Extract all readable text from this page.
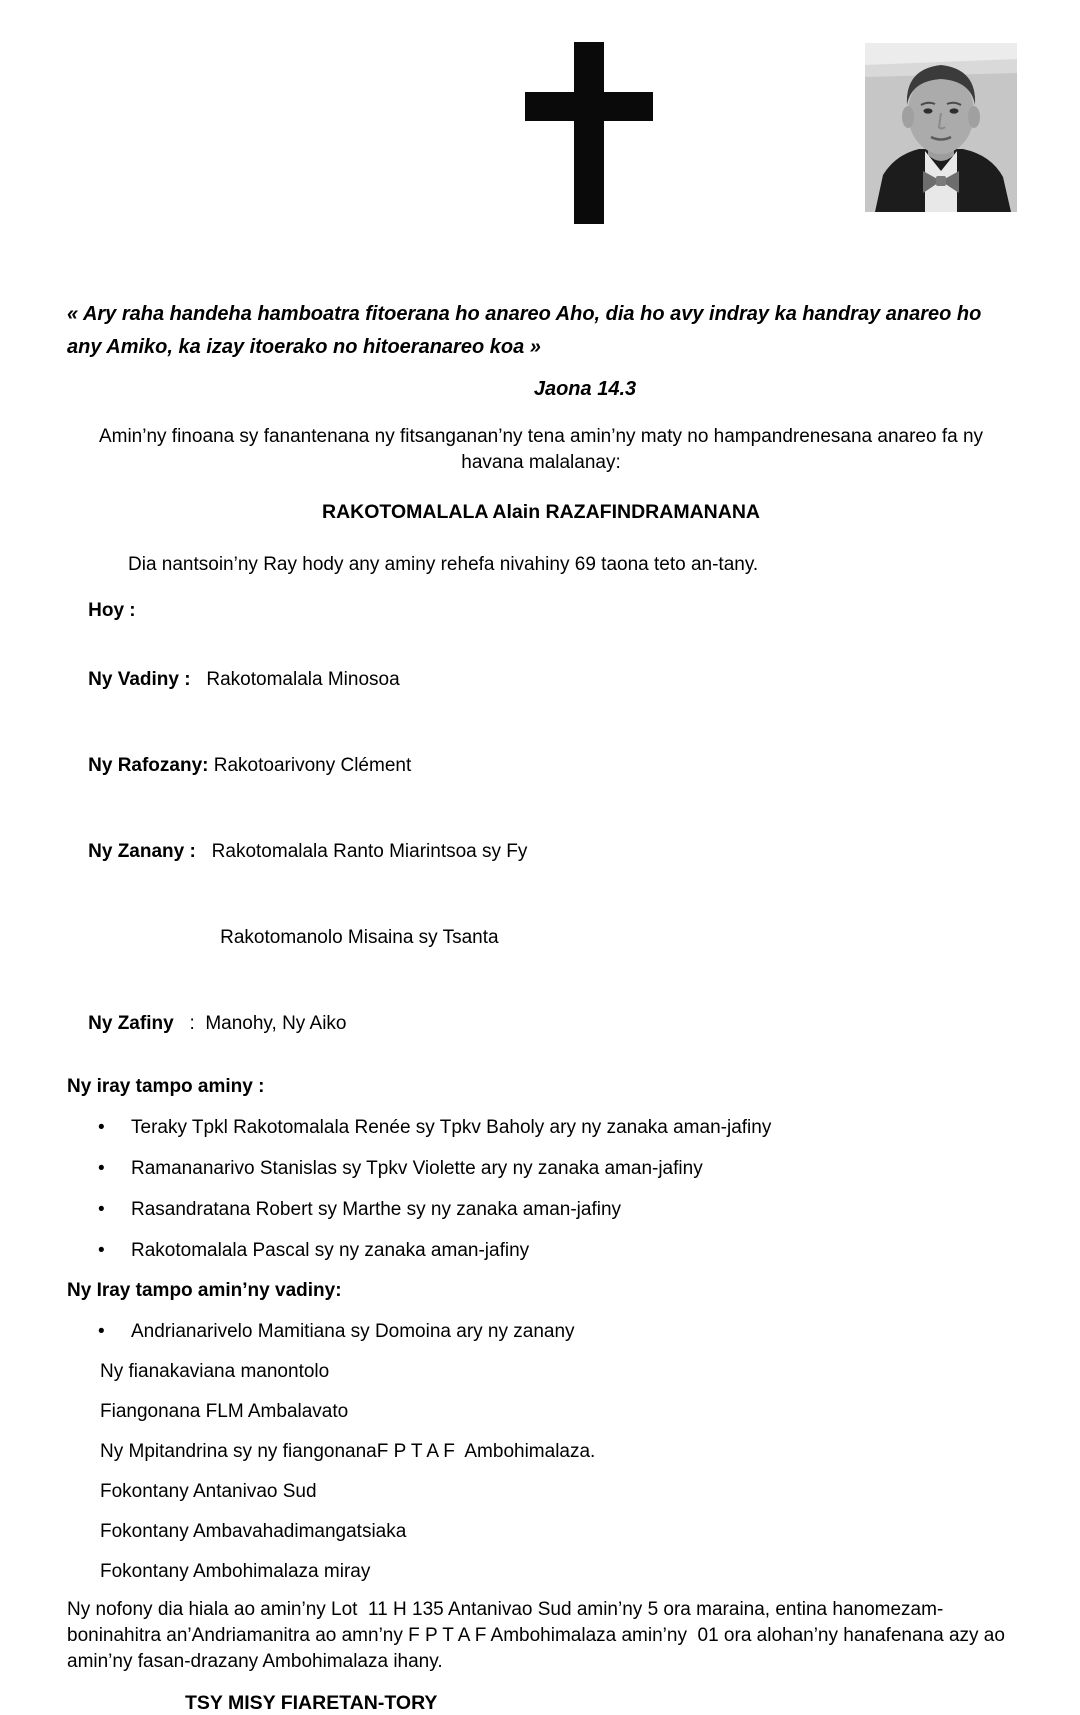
« Ary raha handeha hamboatra fitoerana ho anareo Aho, dia ho avy indray ka handray anareo ho any Amiko, ka izay itoerako no hitoeranareo koa »

Jaona 14.3

Amin’ny finoana sy fanantenana ny fitsanganan’ny tena amin’ny maty no hampandrenesana anareo fa ny havana malalanay:

RAKOTOMALALA Alain RAZAFINDRAMANANA

Dia nantsoin’ny Ray hody any aminy rehefa nivahiny 69 taona teto an-tany.

Hoy :

Ny Vadiny :   Rakotomalala Minosoa

Ny Rafozany: Rakotoarivony Clément

Ny Zanany :   Rakotomalala Ranto Miarintsoa sy Fy

Rakotomanolo Misaina sy Tsanta

Ny Zafiny   :  Manohy, Ny Aiko

Ny iray tampo aminy :

•	Teraky Tpkl Rakotomalala Renée sy Tpkv Baholy ary ny zanaka aman-jafiny
•	Ramananarivo Stanislas sy Tpkv Violette ary ny zanaka aman-jafiny
•	Rasandratana Robert sy Marthe sy ny zanaka aman-jafiny
•	Rakotomalala Pascal sy ny zanaka aman-jafiny

Ny Iray tampo amin’ny vadiny:

•	Andrianarivelo Mamitiana sy Domoina ary ny zanany

Ny fianakaviana manontolo

Fiangonana FLM Ambalavato

Ny Mpitandrina sy ny fiangonanaF P T A F  Ambohimalaza.

Fokontany Antanivao Sud

Fokontany Ambavahadimangatsiaka

Fokontany Ambohimalaza miray

Ny nofony dia hiala ao amin’ny Lot  11 H 135 Antanivao Sud amin’ny 5 ora maraina, entina hanomezam-boninahitra an’Andriamanitra ao amn’ny F P T A F Ambohimalaza amin’ny  01 ora alohan’ny hanafenana azy ao amin’ny fasan-drazany Ambohimalaza ihany.

TSY MISY FIARETAN-TORY
